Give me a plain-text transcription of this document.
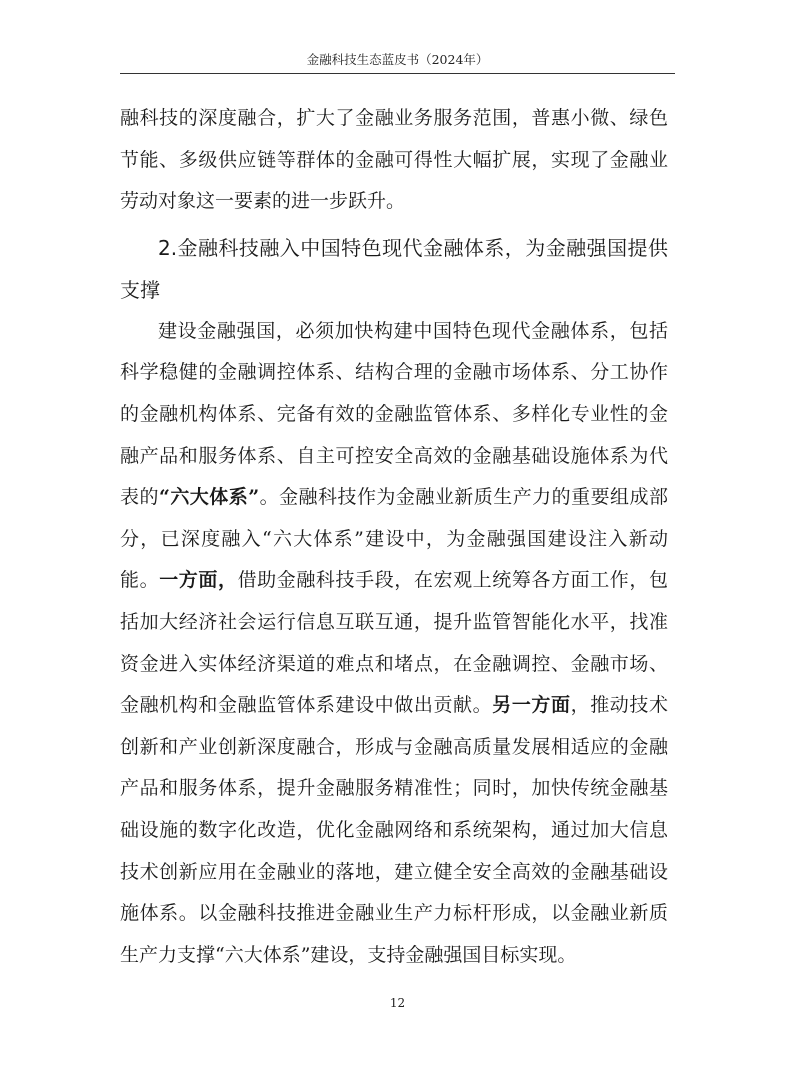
金融科技生态蓝皮书（2024年）

融科技的深度融合，扩大了金融业务服务范围，普惠小微、绿色节能、多级供应链等群体的金融可得性大幅扩展，实现了金融业劳动对象这一要素的进一步跃升。

2.金融科技融入中国特色现代金融体系，为金融强国提供支撑

建设金融强国，必须加快构建中国特色现代金融体系，包括科学稳健的金融调控体系、结构合理的金融市场体系、分工协作的金融机构体系、完备有效的金融监管体系、多样化专业性的金融产品和服务体系、自主可控安全高效的金融基础设施体系为代表的“六大体系”。金融科技作为金融业新质生产力的重要组成部分，已深度融入“六大体系”建设中，为金融强国建设注入新动能。一方面，借助金融科技手段，在宏观上统筹各方面工作，包括加大经济社会运行信息互联互通，提升监管智能化水平，找准资金进入实体经济渠道的难点和堵点，在金融调控、金融市场、金融机构和金融监管体系建设中做出贡献。另一方面，推动技术创新和产业创新深度融合，形成与金融高质量发展相适应的金融产品和服务体系，提升金融服务精准性；同时，加快传统金融基础设施的数字化改造，优化金融网络和系统架构，通过加大信息技术创新应用在金融业的落地，建立健全安全高效的金融基础设施体系。以金融科技推进金融业生产力标杆形成，以金融业新质生产力支撑“六大体系”建设，支持金融强国目标实现。

12
